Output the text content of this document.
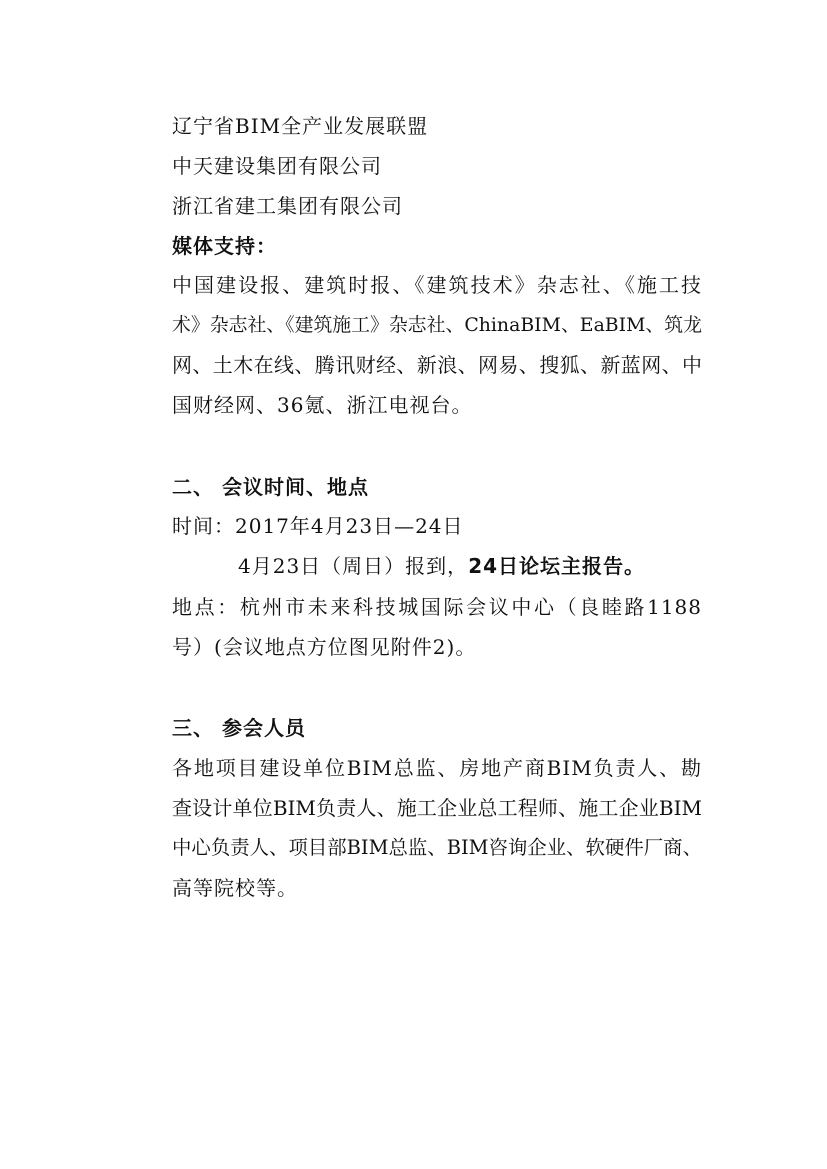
辽宁省BIM全产业发展联盟
中天建设集团有限公司
浙江省建工集团有限公司
媒体支持：
中国建设报、建筑时报、《建筑技术》杂志社、《施工技
术》杂志社、《建筑施工》杂志社、ChinaBIM、EaBIM、筑龙
网、土木在线、腾讯财经、新浪、网易、搜狐、新蓝网、中
国财经网、36氪、浙江电视台。
二、 会议时间、地点
时间：2017年4月23日—24日
4月23日（周日）报到，24日论坛主报告。
地点：杭州市未来科技城国际会议中心（良睦路1188
号）(会议地点方位图见附件2)。
三、 参会人员
各地项目建设单位BIM总监、房地产商BIM负责人、勘
查设计单位BIM负责人、施工企业总工程师、施工企业BIM
中心负责人、项目部BIM总监、BIM咨询企业、软硬件厂商、
高等院校等。
